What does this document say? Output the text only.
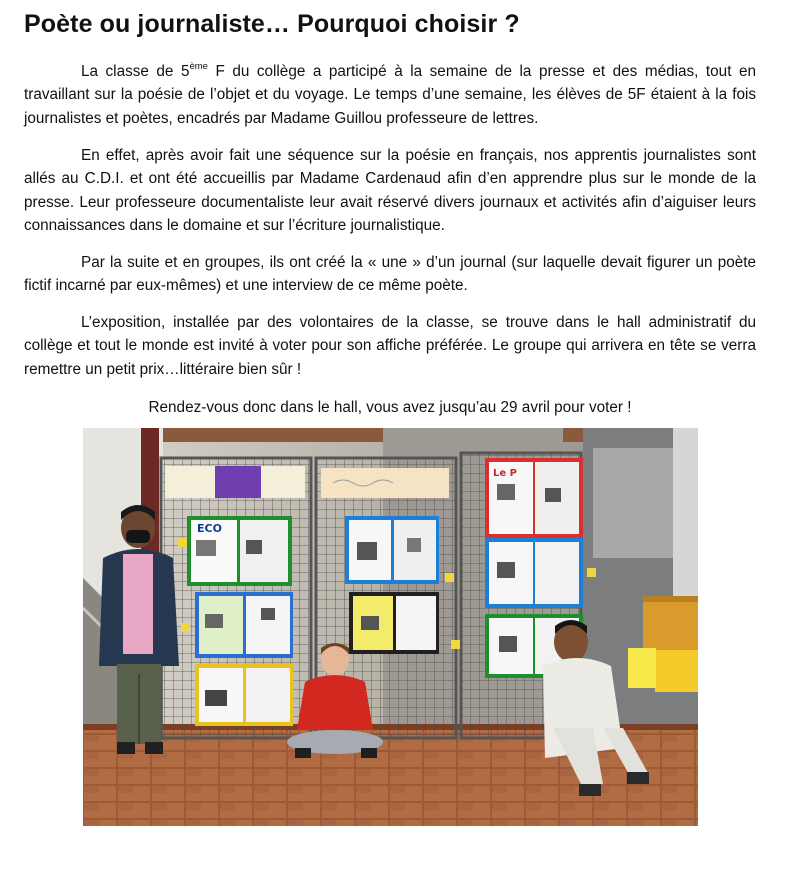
Poète ou journaliste… Pourquoi choisir ?

La classe de 5ème F du collège a participé à la semaine de la presse et des médias, tout en travaillant sur la poésie de l’objet et du voyage. Le temps d’une semaine, les élèves de 5F étaient à la fois journalistes et poètes, encadrés par Madame Guillou professeure de lettres.

En effet, après avoir fait une séquence sur la poésie en français, nos apprentis journalistes sont allés au C.D.I. et ont été accueillis par Madame Cardenaud afin d’en apprendre plus sur le monde de la presse. Leur professeure documentaliste leur avait réservé divers journaux et activités afin d’aiguiser leurs connaissances dans le domaine et sur l’écriture journalistique.

Par la suite et en groupes, ils ont créé la « une » d’un journal (sur laquelle devait figurer un poète fictif incarné par eux-mêmes) et une interview de ce même poète.

L’exposition, installée par des volontaires de la classe, se trouve dans le hall administratif du collège et tout le monde est invité à voter pour son affiche préférée. Le groupe qui arrivera en tête se verra remettre un petit prix…littéraire bien sûr !

Rendez-vous donc dans le hall, vous avez jusqu’au 29 avril pour voter !

ECO
Le P
